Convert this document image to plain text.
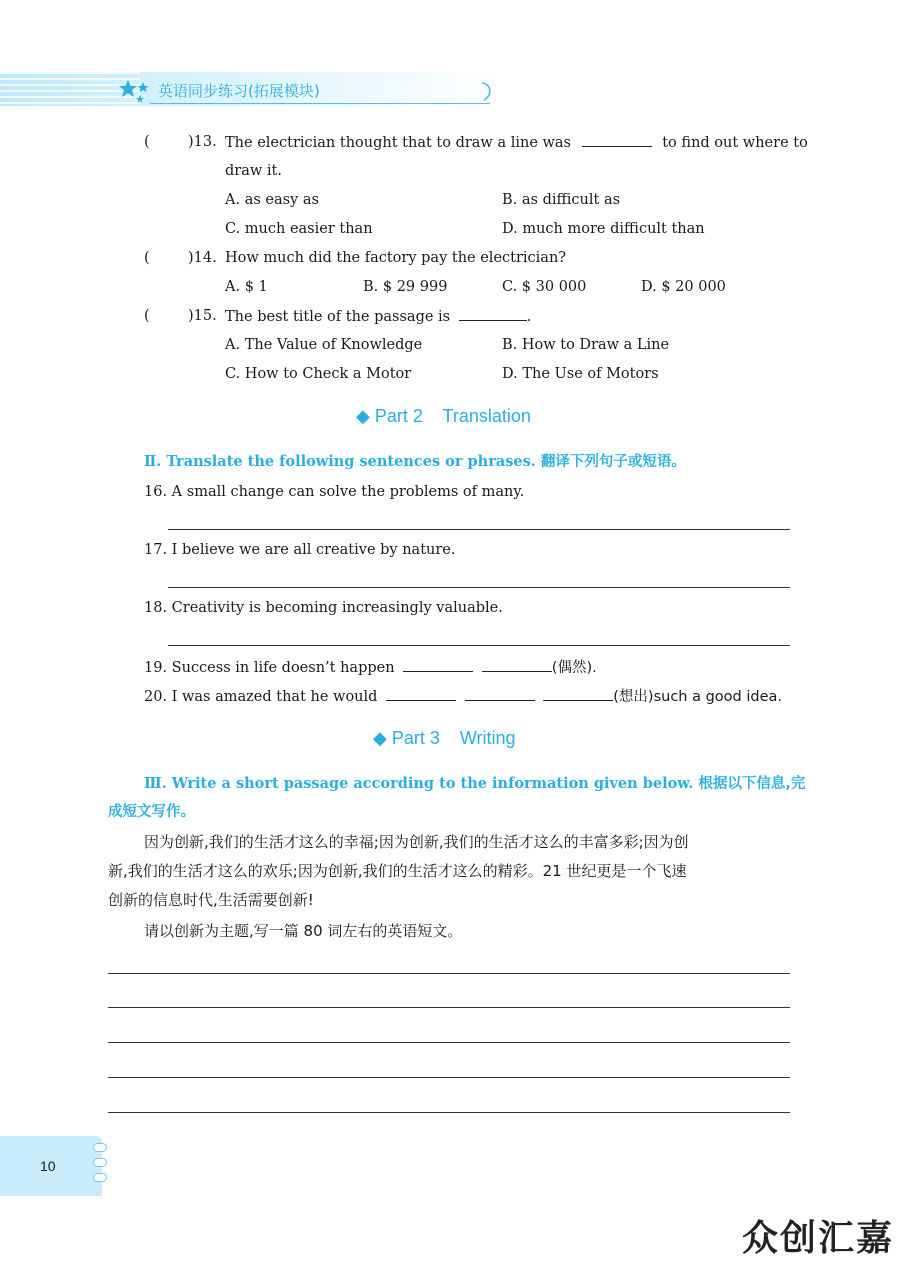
英语同步练习(拓展模块)
(	)13. The electrician thought that to draw a line was	to find out where to
draw it.
A. as easy as	B. as difficult as
C. much easier than	D. much more difficult than
(	)14. How much did the factory pay the electrician?
A. $ 1	B. $ 29 999	C. $ 30 000	D. $ 20 000
(	)15. The best title of the passage is	.
A. The Value of Knowledge	B. How to Draw a Line
C. How to Check a Motor	D. The Use of Motors
◆ Part 2    Translation
Ⅱ. Translate the following sentences or phrases. 翻译下列句子或短语。
16. A small change can solve the problems of many.
17. I believe we are all creative by nature.
18. Creativity is becoming increasingly valuable.
19. Success in life doesn’t happen	(偶然).
20. I was amazed that he would	(想出)such a good idea.
◆ Part 3    Writing
Ⅲ. Write a short passage according to the information given below. 根据以下信息,完
成短文写作。
因为创新,我们的生活才这么的幸福;因为创新,我们的生活才这么的丰富多彩;因为创
新,我们的生活才这么的欢乐;因为创新,我们的生活才这么的精彩。21 世纪更是一个飞速
创新的信息时代,生活需要创新!
请以创新为主题,写一篇 80 词左右的英语短文。
10
众创汇嘉
